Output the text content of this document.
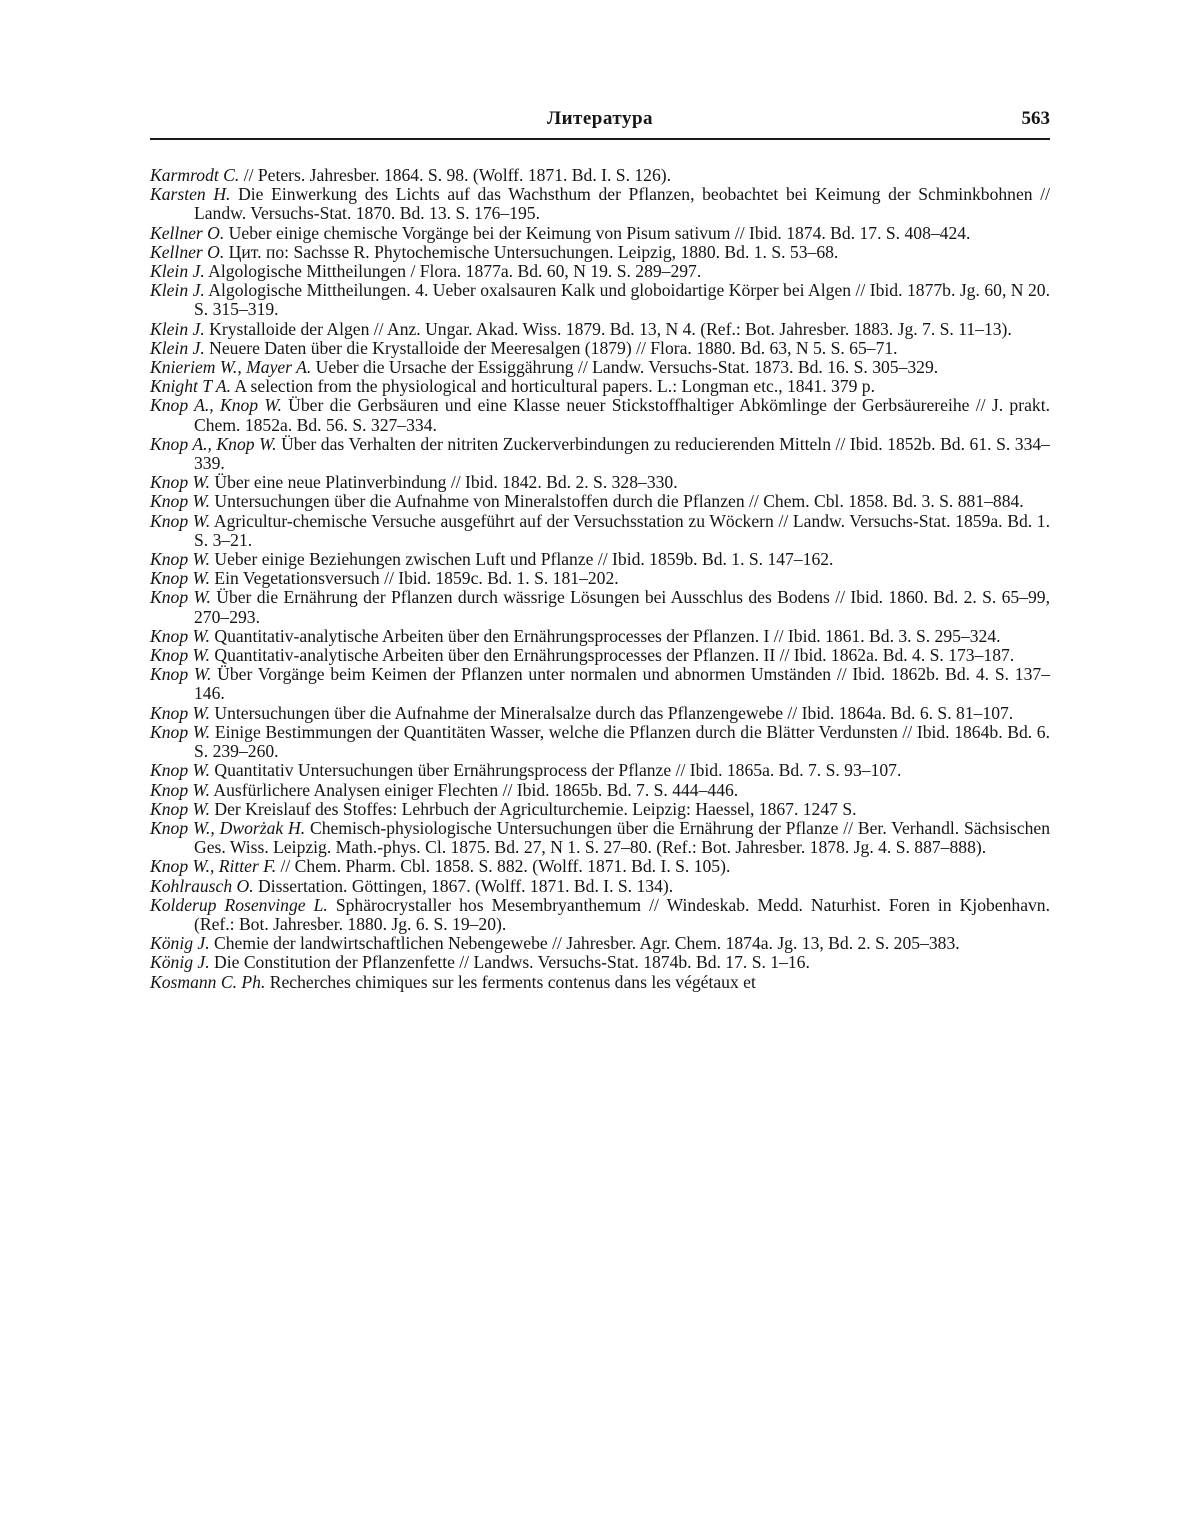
Литература	563

Karmrodt C. // Peters. Jahresber. 1864. S. 98. (Wolff. 1871. Bd. I. S. 126).

Karsten H. Die Einwerkung des Lichts auf das Wachsthum der Pflanzen, beobachtet bei Keimung der Schminkbohnen // Landw. Versuchs-Stat. 1870. Bd. 13. S. 176–195.

Kellner O. Ueber einige chemische Vorgänge bei der Keimung von Pisum sativum // Ibid. 1874. Bd. 17. S. 408–424.

Kellner O. Цит. по: Sachsse R. Phytochemische Untersuchungen. Leipzig, 1880. Bd. 1. S. 53–68.

Klein J. Algologische Mittheilungen / Flora. 1877a. Bd. 60, N 19. S. 289–297.

Klein J. Algologische Mittheilungen. 4. Ueber oxalsauren Kalk und globoidartige Körper bei Algen // Ibid. 1877b. Jg. 60, N 20. S. 315–319.

Klein J. Krystalloide der Algen // Anz. Ungar. Akad. Wiss. 1879. Bd. 13, N 4. (Ref.: Bot. Jahresber. 1883. Jg. 7. S. 11–13).

Klein J. Neuere Daten über die Krystalloide der Meeresalgen (1879) // Flora. 1880. Bd. 63, N 5. S. 65–71.

Knieriem W., Mayer A. Ueber die Ursache der Essiggährung // Landw. Versuchs-Stat. 1873. Bd. 16. S. 305–329.

Knight T A. A selection from the physiological and horticultural papers. L.: Longman etc., 1841. 379 p.

Knop A., Knop W. Über die Gerbsäuren und eine Klasse neuer Stickstoffhaltiger Abkömlinge der Gerbsäurereihe // J. prakt. Chem. 1852a. Bd. 56. S. 327–334.

Knop A., Knop W. Über das Verhalten der nitriten Zuckerverbindungen zu reducierenden Mitteln // Ibid. 1852b. Bd. 61. S. 334–339.

Knop W. Über eine neue Platinverbindung // Ibid. 1842. Bd. 2. S. 328–330.

Knop W. Untersuchungen über die Aufnahme von Mineralstoffen durch die Pflanzen // Chem. Cbl. 1858. Bd. 3. S. 881–884.

Knop W. Agricultur-chemische Versuche ausgeführt auf der Versuchsstation zu Wöckern // Landw. Versuchs-Stat. 1859a. Bd. 1. S. 3–21.

Knop W. Ueber einige Beziehungen zwischen Luft und Pflanze // Ibid. 1859b. Bd. 1. S. 147–162.

Knop W. Ein Vegetationsversuch // Ibid. 1859c. Bd. 1. S. 181–202.

Knop W. Über die Ernährung der Pflanzen durch wässrige Lösungen bei Ausschlus des Bodens // Ibid. 1860. Bd. 2. S. 65–99, 270–293.

Knop W. Quantitativ-analytische Arbeiten über den Ernährungsprocesses der Pflanzen. I // Ibid. 1861. Bd. 3. S. 295–324.

Knop W. Quantitativ-analytische Arbeiten über den Ernährungsprocesses der Pflanzen. II // Ibid. 1862a. Bd. 4. S. 173–187.

Knop W. Über Vorgänge beim Keimen der Pflanzen unter normalen und abnormen Umständen // Ibid. 1862b. Bd. 4. S. 137–146.

Knop W. Untersuchungen über die Aufnahme der Mineralsalze durch das Pflanzengewebe // Ibid. 1864a. Bd. 6. S. 81–107.

Knop W. Einige Bestimmungen der Quantitäten Wasser, welche die Pflanzen durch die Blätter Verdunsten // Ibid. 1864b. Bd. 6. S. 239–260.

Knop W. Quantitativ Untersuchungen über Ernährungsprocess der Pflanze // Ibid. 1865a. Bd. 7. S. 93–107.

Knop W. Ausfürlichere Analysen einiger Flechten // Ibid. 1865b. Bd. 7. S. 444–446.

Knop W. Der Kreislauf des Stoffes: Lehrbuch der Agriculturchemie. Leipzig: Haessel, 1867. 1247 S.

Knop W., Dworżak H. Chemisch-physiologische Untersuchungen über die Ernährung der Pflanze // Ber. Verhandl. Sächsischen Ges. Wiss. Leipzig. Math.-phys. Cl. 1875. Bd. 27, N 1. S. 27–80. (Ref.: Bot. Jahresber. 1878. Jg. 4. S. 887–888).

Knop W., Ritter F. // Chem. Pharm. Cbl. 1858. S. 882. (Wolff. 1871. Bd. I. S. 105).

Kohlrausch O. Dissertation. Göttingen, 1867. (Wolff. 1871. Bd. I. S. 134).

Kolderup Rosenvinge L. Sphärocrystaller hos Mesembryanthemum // Windeskab. Medd. Naturhist. Foren in Kjobenhavn. (Ref.: Bot. Jahresber. 1880. Jg. 6. S. 19–20).

König J. Chemie der landwirtschaftlichen Nebengewebe // Jahresber. Agr. Chem. 1874a. Jg. 13, Bd. 2. S. 205–383.

König J. Die Constitution der Pflanzenfette // Landws. Versuchs-Stat. 1874b. Bd. 17. S. 1–16.

Kosmann C. Ph. Recherches chimiques sur les ferments contenus dans les végétaux et
